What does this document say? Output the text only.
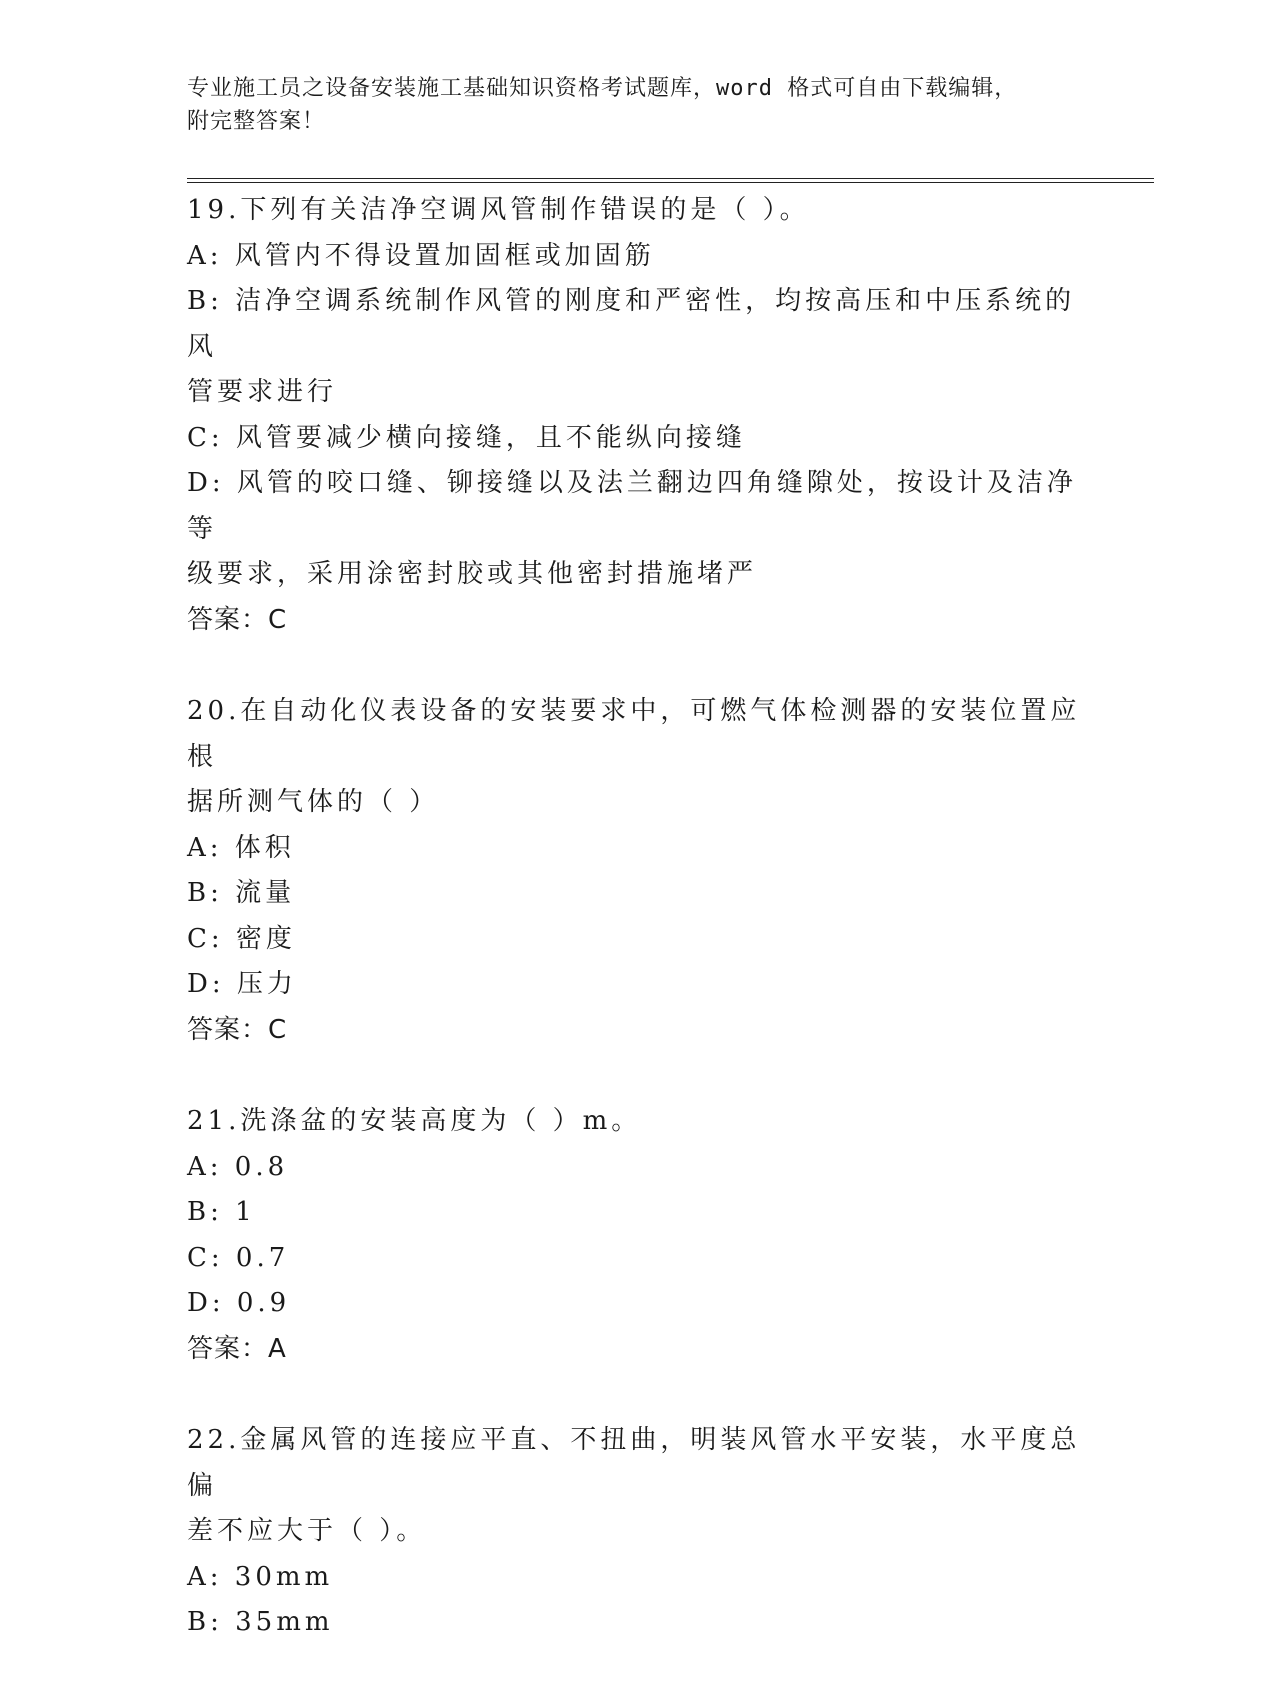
专业施工员之设备安装施工基础知识资格考试题库，word 格式可自由下载编辑，
附完整答案！
19.下列有关洁净空调风管制作错误的是（ ）。
A: 风管内不得设置加固框或加固筋
B: 洁净空调系统制作风管的刚度和严密性，均按高压和中压系统的风
管要求进行
C: 风管要减少横向接缝，且不能纵向接缝
D: 风管的咬口缝、铆接缝以及法兰翻边四角缝隙处，按设计及洁净等
级要求，采用涂密封胶或其他密封措施堵严
答案：C
20.在自动化仪表设备的安装要求中，可燃气体检测器的安装位置应根
据所测气体的（ ）
A: 体积
B: 流量
C: 密度
D: 压力
答案：C
21.洗涤盆的安装高度为（ ）m。
A: 0.8
B: 1
C: 0.7
D: 0.9
答案：A
22.金属风管的连接应平直、不扭曲，明装风管水平安装，水平度总偏
差不应大于（ ）。
A: 30mm
B: 35mm
